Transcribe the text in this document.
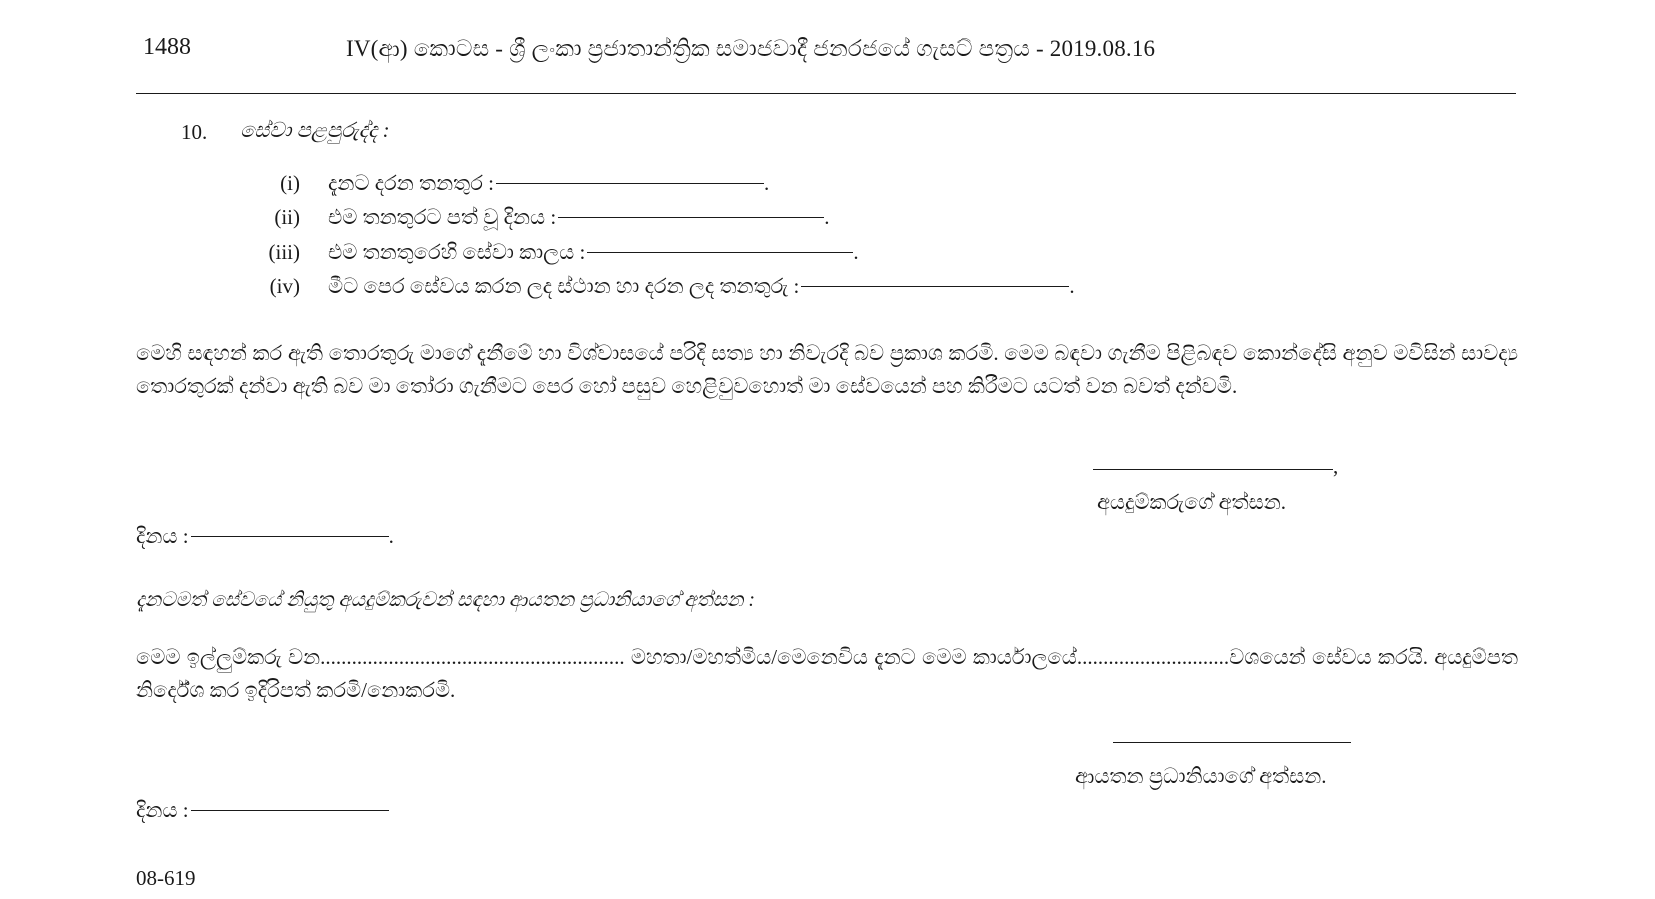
1488	IV(ආ) කොටස - ශ්‍රී ලංකා ප්‍රජාතාන්ත්‍රික සමාජවාදී ජනරජයේ ගැසට් පත්‍රය - 2019.08.16
10. සේවා පළපුරුද්ද :
(i) දැනට දරන තනතුර :	.
(ii) එම තනතුරට පත් වූ දිනය :	.
(iii) එම තනතුරෙහි සේවා කාලය :	.
(iv) මීට පෙර සේවය කරන ලද ස්ථාන හා දරන ලද තනතුරු :	.
මෙහි සඳහන් කර ඇති තොරතුරු මාගේ දැනීමේ හා විශ්වාසයේ පරිදි සත්‍ය හා නිවැරදි බව ප්‍රකාශ කරමි. මෙම බඳවා ගැනීම පිළිබඳව කොන්දේසි අනුව මවිසින් සාවද්‍ය තොරතුරක් දන්වා ඇති බව මා තෝරා ගැනීමට පෙර හෝ පසුව හෙළිවුවහොත් මා සේවයෙන් පහ කිරීමට යටත් වන බවත් දන්වමි.
,
අයදුම්කරුගේ අත්සන.
දිනය :	.
දැනටමත් සේවයේ නියුතු අයදුම්කරුවන් සඳහා ආයතන ප්‍රධානියාගේ අත්සන :
මෙම ඉල්ලුම්කරු වන.......................................................... මහතා/මහත්මිය/මෙනෙවිය දැනට මෙම කාර්යාලයේ.............................වශයෙන් සේවය කරයි. අයදුම්පත නිර්දේශ කර ඉදිරිපත් කරමි/නොකරමි.
ආයතන ප්‍රධානියාගේ අත්සන.
දිනය :
08-619
